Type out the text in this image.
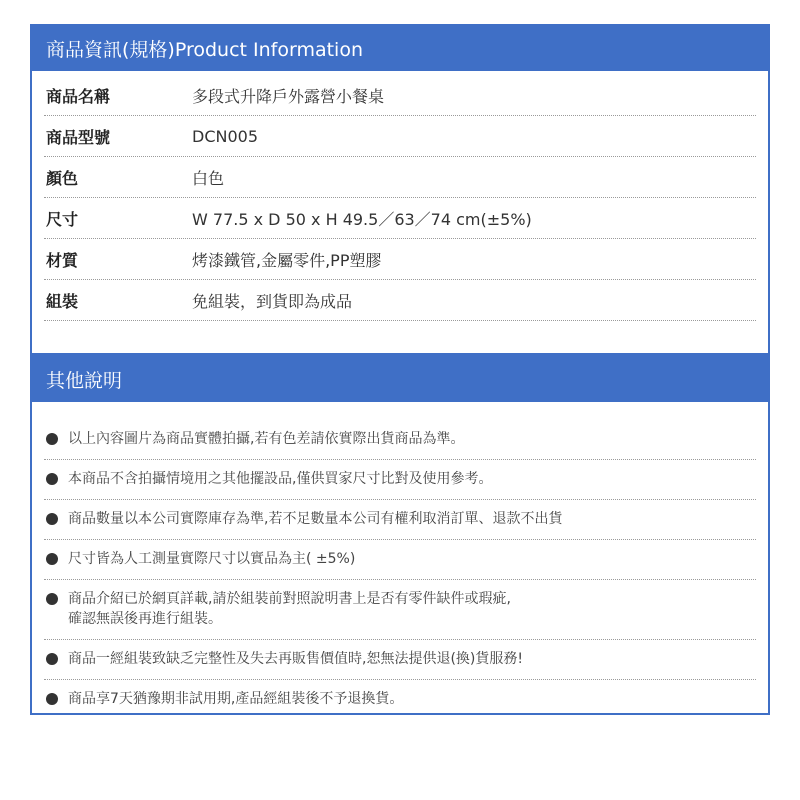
商品資訊(規格)Product Information
商品名稱	多段式升降戶外露營小餐桌
商品型號	DCN005
顏色	白色
尺寸	W 77.5 x D 50 x H 49.5／63／74 cm(±5%)
材質	烤漆鐵管,金屬零件,PP塑膠
組裝	免組裝，到貨即為成品
其他說明
以上內容圖片為商品實體拍攝,若有色差請依實際出貨商品為準。
本商品不含拍攝情境用之其他擺設品,僅供買家尺寸比對及使用參考。
商品數量以本公司實際庫存為準,若不足數量本公司有權利取消訂單、退款不出貨
尺寸皆為人工測量實際尺寸以實品為主( ±5%)
商品介紹已於網頁詳載,請於組裝前對照說明書上是否有零件缺件或瑕疵,
確認無誤後再進行組裝。
商品一經組裝致缺乏完整性及失去再販售價值時,恕無法提供退(換)貨服務!
商品享7天猶豫期非試用期,產品經組裝後不予退換貨。
